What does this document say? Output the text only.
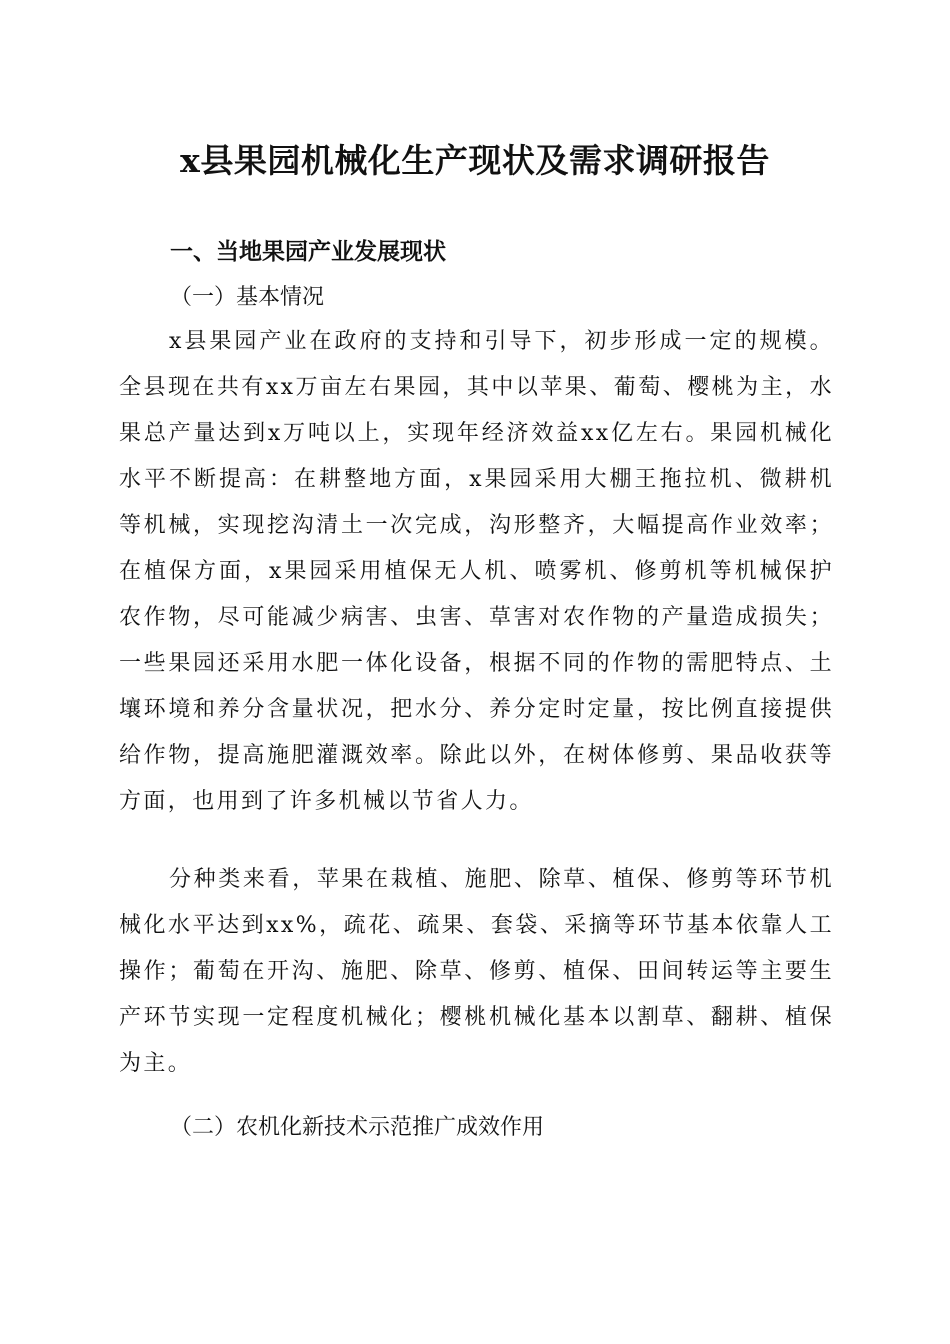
x县果园机械化生产现状及需求调研报告
一、当地果园产业发展现状
（一）基本情况

x县果园产业在政府的支持和引导下，初步形成一定的规模。全县现在共有xx万亩左右果园，其中以苹果、葡萄、樱桃为主，水果总产量达到x万吨以上，实现年经济效益xx亿左右。果园机械化水平不断提高：在耕整地方面，x果园采用大棚王拖拉机、微耕机等机械，实现挖沟清土一次完成，沟形整齐，大幅提高作业效率；在植保方面，x果园采用植保无人机、喷雾机、修剪机等机械保护农作物，尽可能减少病害、虫害、草害对农作物的产量造成损失；一些果园还采用水肥一体化设备，根据不同的作物的需肥特点、土壤环境和养分含量状况，把水分、养分定时定量，按比例直接提供给作物，提高施肥灌溉效率。除此以外，在树体修剪、果品收获等方面，也用到了许多机械以节省人力。

分种类来看，苹果在栽植、施肥、除草、植保、修剪等环节机械化水平达到xx%，疏花、疏果、套袋、采摘等环节基本依靠人工操作；葡萄在开沟、施肥、除草、修剪、植保、田间转运等主要生产环节实现一定程度机械化；樱桃机械化基本以割草、翻耕、植保为主。

（二）农机化新技术示范推广成效作用
